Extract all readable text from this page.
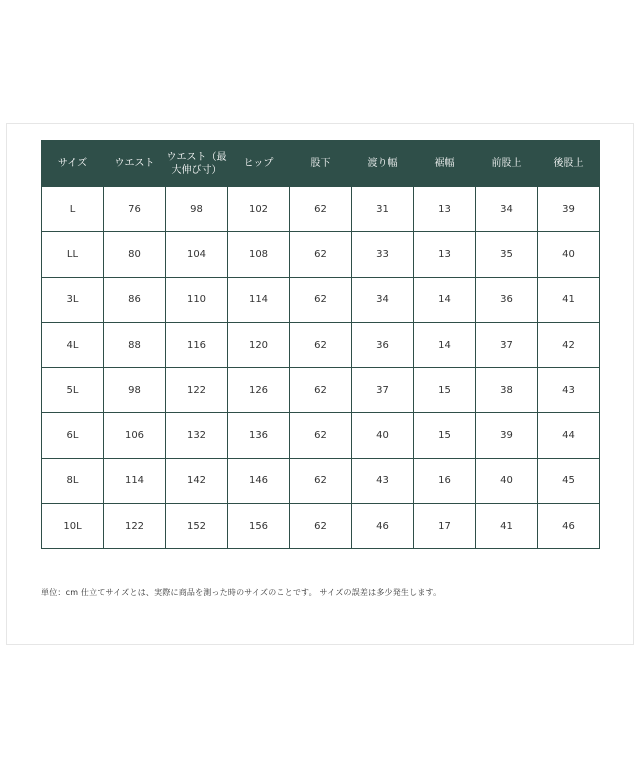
サイズ	ウエスト	ウエスト（最大伸び寸）	ヒップ	股下	渡り幅	裾幅	前股上	後股上
L	76	98	102	62	31	13	34	39
LL	80	104	108	62	33	13	35	40
3L	86	110	114	62	34	14	36	41
4L	88	116	120	62	36	14	37	42
5L	98	122	126	62	37	15	38	43
6L	106	132	136	62	40	15	39	44
8L	114	142	146	62	43	16	40	45
10L	122	152	156	62	46	17	41	46
単位：cm 仕立てサイズとは、実際に商品を測った時のサイズのことです。 サイズの誤差は多少発生します。
